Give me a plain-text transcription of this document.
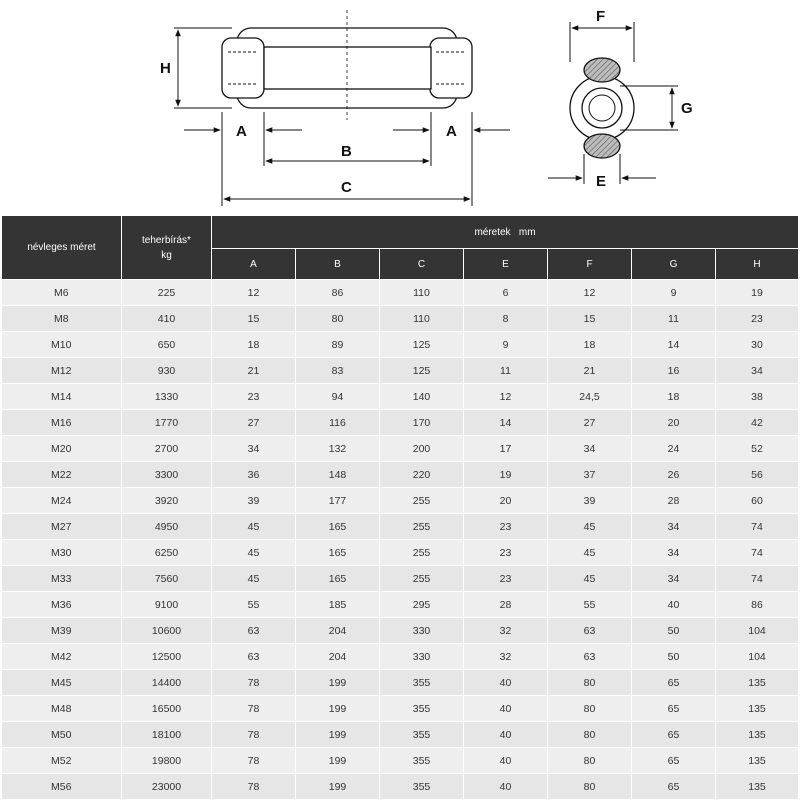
H
A
B
A
C
F
G
E
névleges méret	teherbírás*
kg	méretek   mm						
		A	B	C	E	F	G	H
M6	225	12	86	110	6	12	9	19
M8	410	15	80	110	8	15	11	23
M10	650	18	89	125	9	18	14	30
M12	930	21	83	125	11	21	16	34
M14	1330	23	94	140	12	24,5	18	38
M16	1770	27	116	170	14	27	20	42
M20	2700	34	132	200	17	34	24	52
M22	3300	36	148	220	19	37	26	56
M24	3920	39	177	255	20	39	28	60
M27	4950	45	165	255	23	45	34	74
M30	6250	45	165	255	23	45	34	74
M33	7560	45	165	255	23	45	34	74
M36	9100	55	185	295	28	55	40	86
M39	10600	63	204	330	32	63	50	104
M42	12500	63	204	330	32	63	50	104
M45	14400	78	199	355	40	80	65	135
M48	16500	78	199	355	40	80	65	135
M50	18100	78	199	355	40	80	65	135
M52	19800	78	199	355	40	80	65	135
M56	23000	78	199	355	40	80	65	135
